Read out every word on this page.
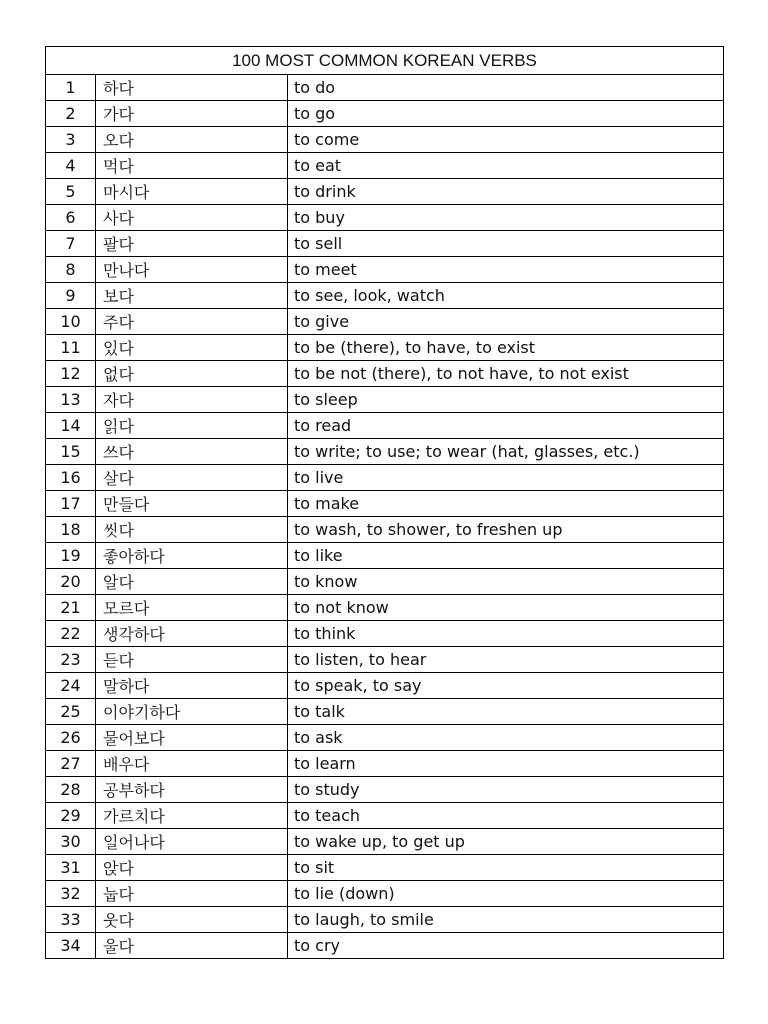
100 MOST COMMON KOREAN VERBS		
1	하다	to do
2	가다	to go
3	오다	to come
4	먹다	to eat
5	마시다	to drink
6	사다	to buy
7	팔다	to sell
8	만나다	to meet
9	보다	to see, look, watch
10	주다	to give
11	있다	to be (there), to have, to exist
12	없다	to be not (there), to not have, to not exist
13	자다	to sleep
14	읽다	to read
15	쓰다	to write; to use; to wear (hat, glasses, etc.)
16	살다	to live
17	만들다	to make
18	씻다	to wash, to shower, to freshen up
19	좋아하다	to like
20	알다	to know
21	모르다	to not know
22	생각하다	to think
23	듣다	to listen, to hear
24	말하다	to speak, to say
25	이야기하다	to talk
26	물어보다	to ask
27	배우다	to learn
28	공부하다	to study
29	가르치다	to teach
30	일어나다	to wake up, to get up
31	앉다	to sit
32	눕다	to lie (down)
33	웃다	to laugh, to smile
34	울다	to cry
